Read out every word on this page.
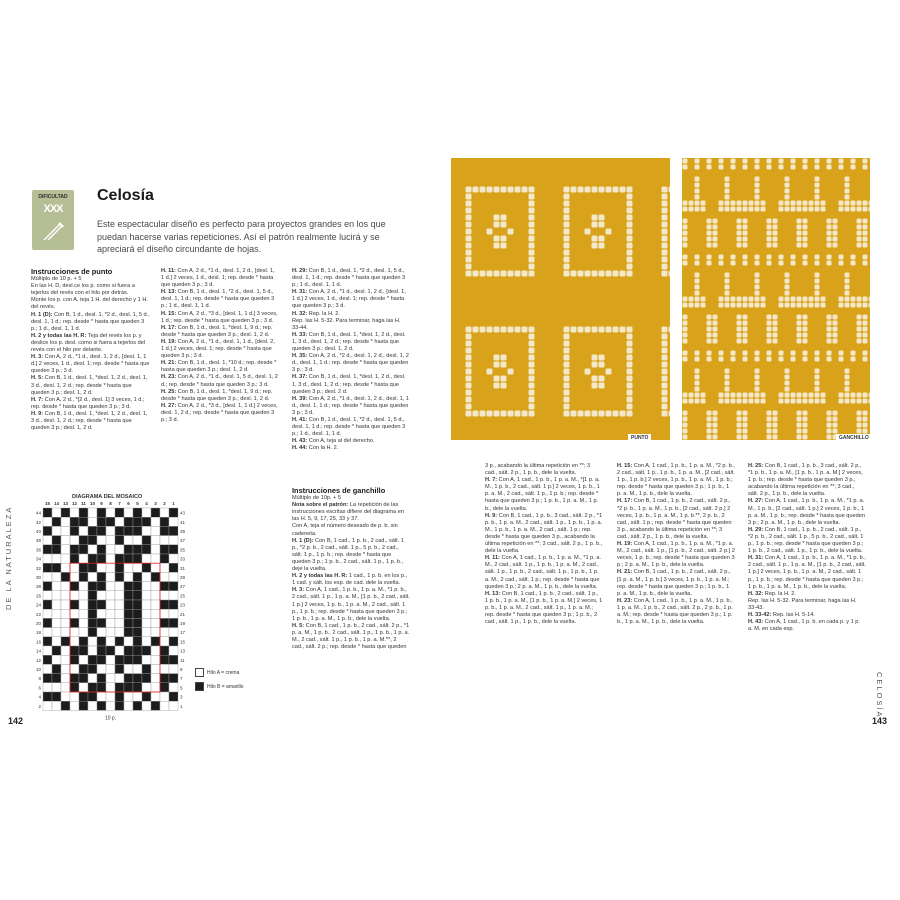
DE LA NATURALEZA
CELOSÍA
DIFICULTAD
XXX
Celosía
Este espectacular diseño es perfecto para proyectos grandes en los que puedan hacerse varias repeticiones. Así el patrón realmente lucirá y se apreciará el diseño circundante de hojas.
Instrucciones de punto

Múltiplo de 10 p. + 5

En las H. D, desl.ce los p. como si fuera a tejerlos del revés con el hilo por detrás.

Monte los p. con A, teja 1 H. del derecho y 1 H. del revés.

H. 1 (D): Con B, 1 d., desl. 1, *2 d., desl. 1, 5 d., desl. 1, 1 d.; rep. desde * hasta que queden 3 p.; 1 d., desl. 1, 1 d.

H. 2 y todas las H. R: Teja del revés los p. y deslice los p. desl. como si fuera a tejerlos del revés con el hilo por delante.

H. 3: Con A, 2 d., *1 d., desl. 1, 2 d., [desl. 1, 1 d.] 2 veces, 1 d., desl. 1; rep. desde * hasta que queden 3 p.; 3 d.

H. 5: Con B, 1 d., desl. 1, *desl. 1, 2 d., desl. 1, 3 d., desl. 1, 2 d.; rep. desde * hasta que queden 3 p.; desl. 1, 2 d.

H. 7: Con A, 2 d., *[2 d., desl. 1] 3 veces, 1 d.; rep. desde * hasta que queden 3 p.; 3 d.

H. 9: Con B, 1 d., desl. 1, *desl. 1, 2 d., desl. 1, 3 d., desl. 1, 2 d.; rep. desde * hasta que queden 3 p.; desl. 1, 2 d.

H. 11: Con A, 2 d., *1 d., desl. 1, 2 d., [desl. 1, 1 d.] 2 veces, 1 d., desl. 1; rep. desde * hasta que queden 3 p.; 3 d.

H. 13: Con B, 1 d., desl. 1, *2 d., desl. 1, 5 d., desl. 1, 1 d.; rep. desde * hasta que queden 3 p.; 1 d., desl. 1, 1 d.

H. 15: Con A, 2 d., *3 d., [desl. 1, 1 d.] 3 veces, 1 d.; rep. desde * hasta que queden 3 p.; 3 d.

H. 17: Con B, 1 d., desl. 1, *desl. 1, 9 d.; rep. desde * hasta que queden 3 p.; desl. 1, 2 d.

H. 19: Con A, 2 d., *1 d., desl. 1, 1 d., [desl. 2, 1 d.] 2 veces, desl. 1; rep. desde * hasta que queden 3 p.; 3 d.

H. 21: Con B, 1 d., desl. 1, *10 d.; rep. desde * hasta que queden 3 p.; desl. 1, 2 d.

H. 23: Con A, 2 d., *1 d., desl. 1, 5 d., desl. 1, 2 d.; rep. desde * hasta que queden 3 p.; 3 d.

H. 25: Con B, 1 d., desl. 1, *desl. 1, 9 d.; rep. desde * hasta que queden 3 p.; desl. 1, 2 d.

H. 27: Con A, 2 d., *3 d., [desl. 1, 1 d.] 2 veces, desl. 1, 2 d.; rep. desde * hasta que queden 3 p.; 3 d.

H. 29: Con B, 1 d., desl. 1, *2 d., desl. 1, 5 d., desl. 1, 1 d.; rep. desde * hasta que queden 3 p.; 1 d., desl. 1, 1 d.

H. 31: Con A, 2 d., *1 d., desl. 1, 2 d., [desl. 1, 1 d.] 2 veces, 1 d., desl. 1; rep. desde * hasta que queden 3 p.; 3 d.

H. 32: Rep. la H. 2.

Rep. las H. 5-32. Para terminar, haga las H. 33-44.

H. 33: Con B, 1 d., desl. 1, *desl. 1, 2 d., desl. 1, 3 d., desl. 1, 2 d.; rep. desde * hasta que queden 3 p.; desl. 1, 2 d.

H. 35: Con A, 2 d., *2 d., desl. 1, 2 d., desl. 1, 2 d., desl. 1, 1 d.; rep. desde * hasta que queden 3 p.; 3 d.

H. 37: Con B, 1 d., desl. 1, *desl. 1, 2 d., desl. 1, 3 d., desl. 1, 2 d.; rep. desde * hasta que queden 3 p.; desl. 2 d.

H. 39: Con A, 2 d., *1 d., desl. 1, 2 d., desl. 1, 1 d., desl. 1, 1 d.; rep. desde * hasta que queden 3 p.; 3 d.

H. 41: Con B, 1 d., desl. 1, *2 d., desl. 1, 5 d., desl. 1, 1 d.; rep. desde * hasta que queden 3 p.; 1 d., desl. 1, 1 d.

H. 43: Con A, teja al del derecho.

H. 44: Con la H. 2.

DIAGRAMA DEL MOSAICO
15 14 13 12 11 10 9 8 7 6 5 4 3 2 1
44	43
42	41
40	39
38	37
36	35
34	33
32	31
30	29
28	27
26	25
24	23
22	21
20	19
18	17
16	15
14	13
12	11
10	9
8	7
6	5
4	3
2	1
10 p.
Hilo A = crema
Hilo B = amarillo
142	143
Instrucciones de ganchillo

Múltiplo de 10p. + 5

Nota sobre el patrón: La repetición de las instrucciones escritas difiere del diagrama en las H. 5, 9, 17, 25, 33 y 37.

Con A, teja el número deseado de p. b. sin cadeneta.

H. 1 (D): Con B, 1 cad., 1 p. b., 2 cad., sált. 1 p., *2 p. b., 2 cad., sált. 1 p., 5 p. b., 2 cad., sált. 1 p., 1 p. b.; rep. desde * hasta que queden 3 p.; 1 p. b., 2 cad., sált. 1 p., 1 p. b., deje la vuelta.

H. 2 y todas las H. R: 1 cad., 1 p. b. en los p., 1 cad. y sált. los esp. de cad. dele la vuelta.

H. 3: Con A, 1 cad., 1 p. b., 1 p. a. M., *1 p. b., 2 cad., sált. 1 p., 1 p. a. M., [1 p. b., 2 cad., sált. 1 p.] 2 veces, 1 p. b., 1 p. a. M., 2 cad., sált. 1 p., 1 p. b.; rep. desde * hasta que queden 3 p.; 1 p. b., 1 p. a. M., 1 p. b., dele la vuelta.

H. 5: Con B, 1 cad., 1 p. b., 2 cad., sált. 2 p., *1 p. a. M., 1 p. b., 2 cad., sált. 1 p., 1 p. b., 1 p. a. M., 2 cad., sált. 1 p., 1 p. b., 1 p. a. M.**, 2 cad., sált. 2 p.; rep. desde * hasta que queden

3 p., acabando la última repetición en **; 3 cad., sált. 2 p., 1 p. b., dele la vuelta.

H. 7: Con A, 1 cad., 1 p. b., 1 p. a. M., *[1 p. a. M., 1 p. b., 2 cad., sált. 1 p.] 2 veces, 1 p. b., 1 p. a. M., 2 cad., sált. 1 p., 1 p. b.; rep. desde * hasta que queden 3 p.; 1 p. b., 1 p. a. M., 1 p. b., dele la vuelta.

H. 9: Con B, 1 cad., 1 p. b., 3 cad., sált. 2 p., *1 p. b., 1 p. a. M., 2 cad., sált. 1 p., 1 p. b., 1 p. a. M., 1 p. b., 1 p. a. M., 2 cad., sált. 1 p.; rep. desde * hasta que queden 3 p., acabando la última repetición en **; 3 cad., sált. 2 p., 1 p. b., dele la vuelta.

H. 11: Con A, 1 cad., 1 p. b., 1 p. a. M., *1 p. a. M., 2 cad., sált. 1 p., 1 p. b., 1 p. a. M., 2 cad., sált. 1 p., 1 p. b., 2 cad., sált. 1 p., 1 p. b., 1 p. a. M., 2 cad., sált. 1 p.; rep. desde * hasta que queden 3 p.; 2 p. a. M., 1 p. b., dele la vuelta.

H. 13: Con B, 1 cad., 1 p. b., 2 cad., sált. 1 p., 1 p. b., 1 p. a. M., [1 p. b., 1 p. a. M.] 2 veces, 1 p. b., 1 p. a. M., 2 cad., sált. 1 p., 1 p. a. M.; rep. desde * hasta que queden 3 p.; 1 p. b., 2 cad., sált. 1 p., 1 p. b., dele la vuelta.

H. 15: Con A, 1 cad., 1 p. b., 1 p. a. M., *2 p. b., 2 cad., sált. 1 p., 1 p. b., 1 p. a. M., [2 cad., sált. 1 p., 1 p. b.] 2 veces, 1 p. b., 1 p. a. M., 1 p. b.; rep. desde * hasta que queden 3 p.; 1 p. b., 1 p. a. M., 1 p. b., dele la vuelta.

H. 17: Con B, 1 cad., 1 p. b., 2 cad., sált. 2 p., *2 p. b., 1 p. a. M., 1 p. b., [2 cad., sált. 2 p.] 2 veces, 1 p. b., 1 p. a. M., 1 p. b.**, 2 p. b., 2 cad., sált. 1 p.; rep. desde * hasta que queden 3 p., acabando la última repetición en **; 3 cad., sált. 2 p., 1 p. b., dele la vuelta.

H. 19: Con A, 1 cad., 1 p. b., 1 p. a. M., *1 p. a. M., 2 cad., sált. 1 p., [1 p. b., 2 cad., sált. 2 p.] 2 veces, 1 p. b.; rep. desde * hasta que queden 3 p.; 2 p. a. M., 1 p. b., dele la vuelta.

H. 21: Con B, 1 cad., 1 p. b., 2 cad., sált. 2 p., [1 p. a. M., 1 p. b.] 3 veces, 1 p. b., 1 p. a. M.; rep. desde * hasta que queden 3 p.; 1 p. b., 1 p. a. M., 1 p. b., dele la vuelta.

H. 23: Con A, 1 cad., 1 p. b., 1 p. a. M., 1 p. b., 1 p. a. M., 1 p. b., 2 cad., sált. 2 p., 2 p. b., 1 p. a. M.; rep. desde * hasta que queden 3 p.; 1 p. b., 1 p. a. M., 1 p. b., dele la vuelta.

H. 25: Con B, 1 cad., 1 p. b., 3 cad., sált. 2 p., *1 p. b., 1 p. a. M., [1 p. b., 1 p. a. M.] 2 veces, 1 p. b.; rep. desde * hasta que queden 3 p., acabando la última repetición en **; 3 cad., sált. 2 p., 1 p. b., dele la vuelta.

H. 27: Con A, 1 cad., 1 p. b., 1 p. a. M., *1 p. a. M., 1 p. b., [2 cad., sált. 1 p.] 2 veces, 1 p. b., 1 p. a. M., 1 p. b.; rep. desde * hasta que queden 3 p.; 2 p. a. M., 1 p. b., dele la vuelta.

H. 29: Con B, 1 cad., 1 p. b., 2 cad., sált. 1 p., *2 p. b., 2 cad., sált. 1 p., 5 p. b., 2 cad., sált. 1 p., 1 p. b.; rep. desde * hasta que queden 3 p.; 1 p. b., 2 cad., sált. 1 p., 1 p. b., dele la vuelta.

H. 31: Con A, 1 cad., 1 p. b., 1 p. a. M., *1 p. b., 2 cad., sált. 1 p., 1 p. a. M., [1 p. b., 2 cad., sált. 1 p.] 2 veces, 1 p. b., 1 p. a. M., 2 cad., sált. 1 p., 1 p. b.; rep. desde * hasta que queden 3 p.; 1 p. b., 1 p. a. M., 1 p. b., dele la vuelta.

H. 32: Rep. la H. 2.

Rep. las H. 5-32. Para terminar, haga las H. 33-43.

H. 33-42: Rep. las H. 5-14.

H. 43: Con A, 1 cad., 1 p. b. en cada p. y 1 p. a. M. en cada esp.

PUNTO	GANCHILLO
